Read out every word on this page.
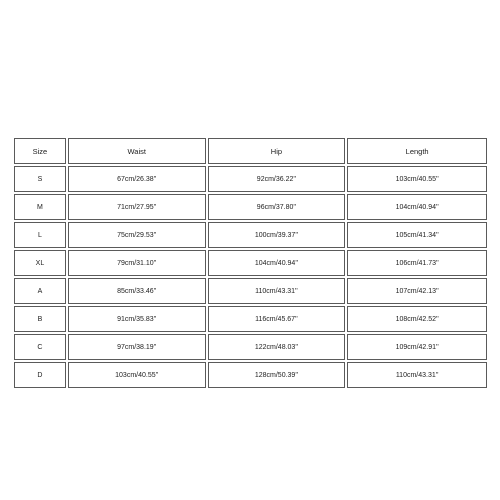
Size	Waist	Hip	Length
S	67cm/26.38''	92cm/36.22''	103cm/40.55''
M	71cm/27.95''	96cm/37.80''	104cm/40.94''
L	75cm/29.53''	100cm/39.37''	105cm/41.34''
XL	79cm/31.10''	104cm/40.94''	106cm/41.73''
A	85cm/33.46''	110cm/43.31''	107cm/42.13''
B	91cm/35.83''	116cm/45.67''	108cm/42.52''
C	97cm/38.19''	122cm/48.03''	109cm/42.91''
D	103cm/40.55''	128cm/50.39''	110cm/43.31''
